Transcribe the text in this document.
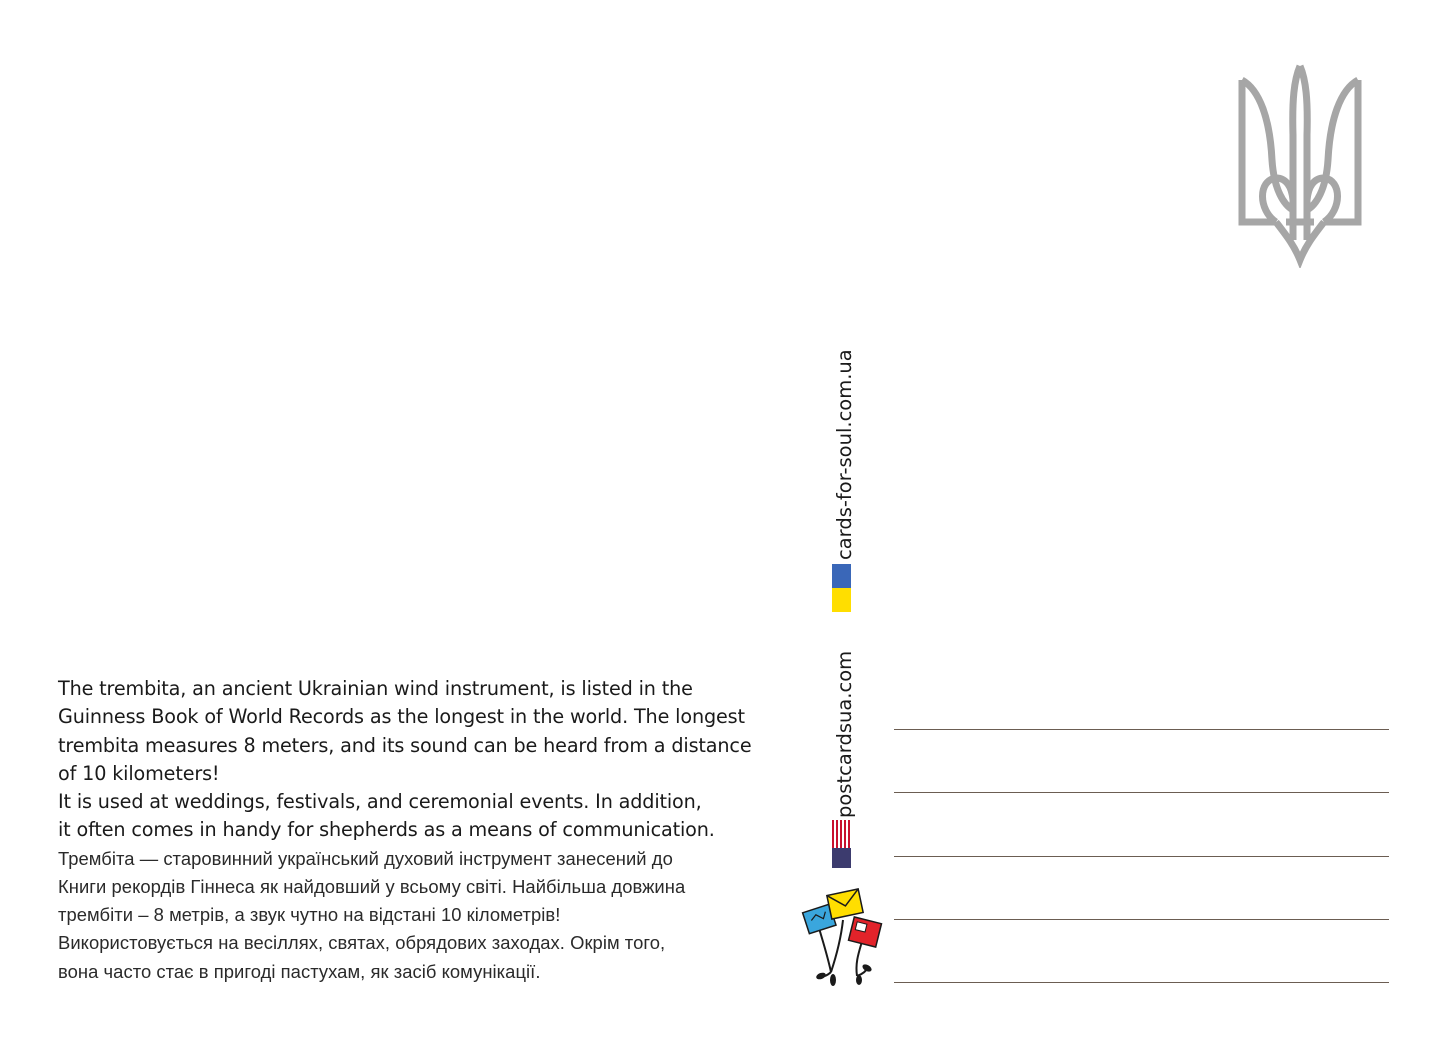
The trembita, an ancient Ukrainian wind instrument, is listed in the
Guinness Book of World Records as the longest in the world. The longest
trembita measures 8 meters, and its sound can be heard from a distance
of 10 kilometers!
It is used at weddings, festivals, and ceremonial events. In addition,
it often comes in handy for shepherds as a means of communication.

Трембіта — старовинний український духовий інструмент занесений до
Книги рекордів Гіннеса як найдовший у всьому світі. Найбільша довжина
трембіти – 8 метрів, а звук чутно на відстані 10 кілометрів!
Використовується на весіллях, святах, обрядових заходах. Окрім того,
вона часто стає в пригоді пастухам, як засіб комунікації.

cards-for-soul.com.ua
postcardsua.com
